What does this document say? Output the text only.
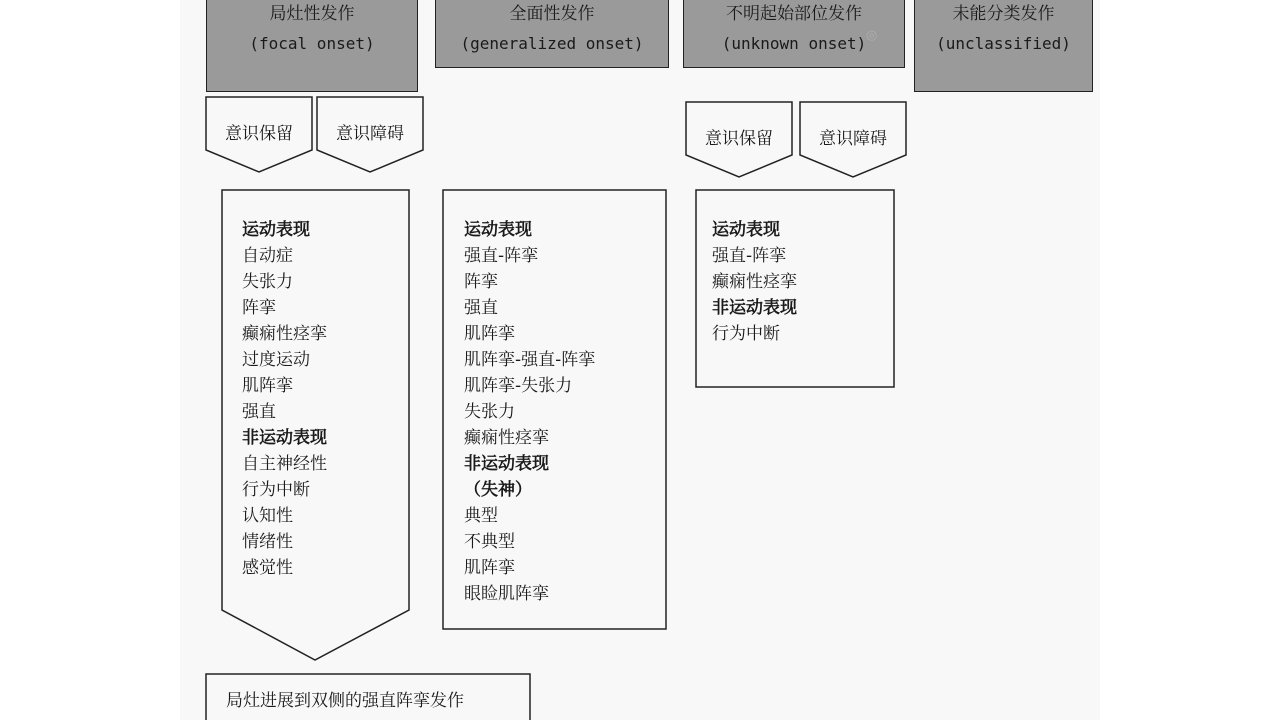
局灶性发作
(focal onset)
全面性发作
(generalized onset)
不明起始部位发作
(unknown onset)
未能分类发作
(unclassified)
意识保留	意识障碍	意识保留	意识障碍
运动表现
自动症
失张力
阵挛
癫痫性痉挛
过度运动
肌阵挛
强直
非运动表现
自主神经性
行为中断
认知性
情绪性
感觉性
运动表现
强直-阵挛
阵挛
强直
肌阵挛
肌阵挛-强直-阵挛
肌阵挛-失张力
失张力
癫痫性痉挛
非运动表现
（失神）
典型
不典型
肌阵挛
眼睑肌阵挛
运动表现
强直-阵挛
癫痫性痉挛
非运动表现
行为中断
局灶进展到双侧的强直阵挛发作
◎
